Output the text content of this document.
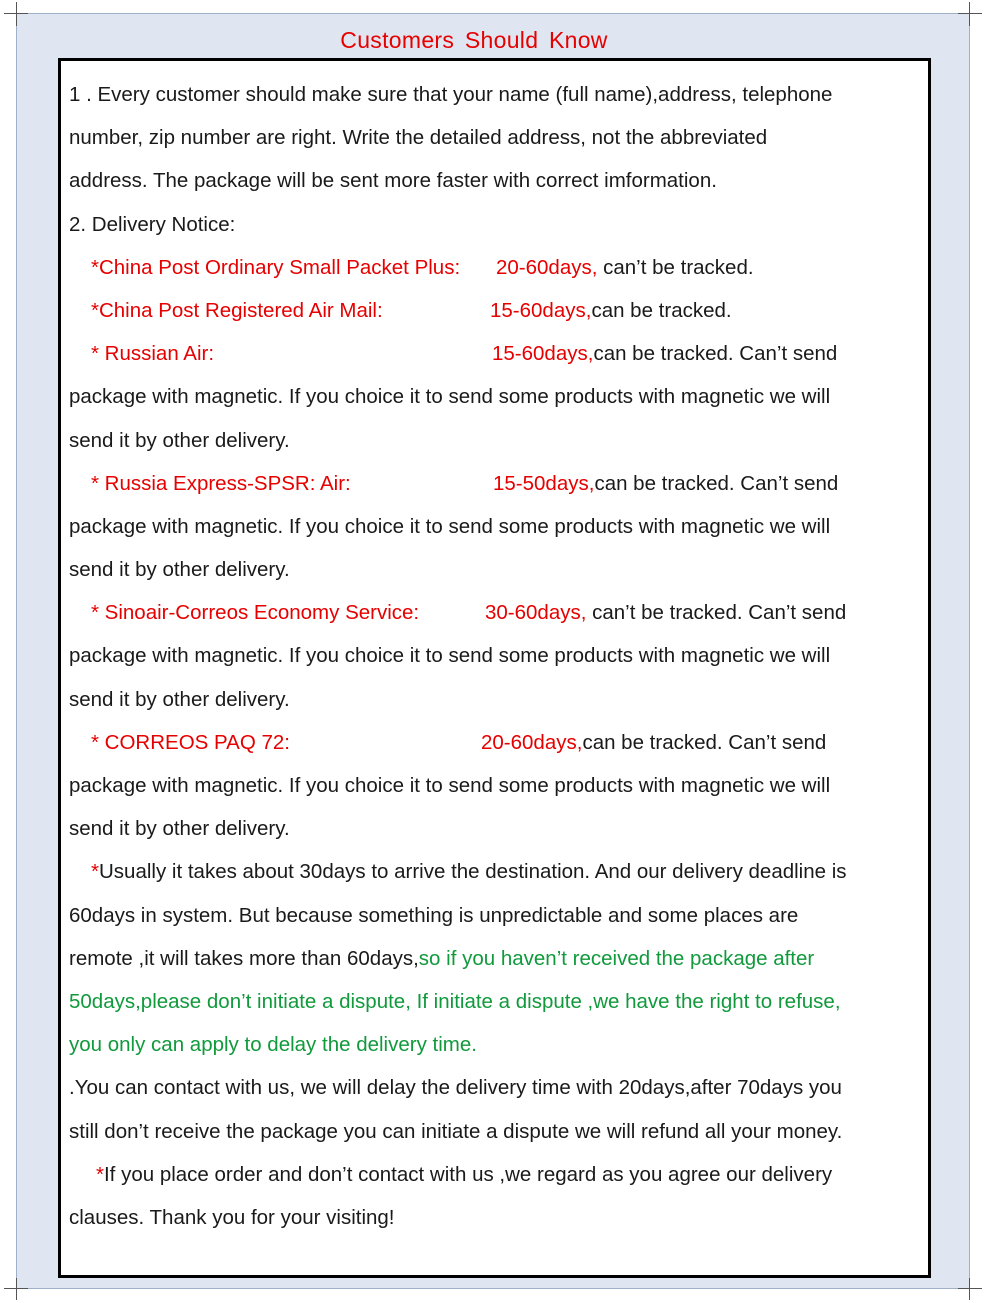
Customers Should Know
1 . Every customer should make sure that your name (full name),address, telephone
number, zip number are right. Write the detailed address, not the abbreviated
address. The package will be sent more faster with correct imformation.
2. Delivery Notice:
*China Post Ordinary Small Packet Plus: 20-60days, can’t be tracked.
*China Post Registered Air Mail:	15-60days,can be tracked.
* Russian Air:	15-60days,can be tracked. Can’t send
package with magnetic. If you choice it to send some products with magnetic we will
send it by other delivery.
* Russia Express-SPSR: Air:	15-50days,can be tracked. Can’t send
package with magnetic. If you choice it to send some products with magnetic we will
send it by other delivery.
* Sinoair-Correos Economy Service:	30-60days, can’t be tracked. Can’t send
package with magnetic. If you choice it to send some products with magnetic we will
send it by other delivery.
* CORREOS PAQ 72:	20-60days,can be tracked. Can’t send
package with magnetic. If you choice it to send some products with magnetic we will
send it by other delivery.
*Usually it takes about 30days to arrive the destination. And our delivery deadline is
60days in system. But because something is unpredictable and some places are
remote ,it will takes more than 60days,so if you haven’t received the package after
50days,please don’t initiate a dispute, If initiate a dispute ,we have the right to refuse,
you only can apply to delay the delivery time.
.You can contact with us, we will delay the delivery time with 20days,after 70days you
still don’t receive the package you can initiate a dispute we will refund all your money.
*If you place order and don’t contact with us ,we regard as you agree our delivery
clauses. Thank you for your visiting!
